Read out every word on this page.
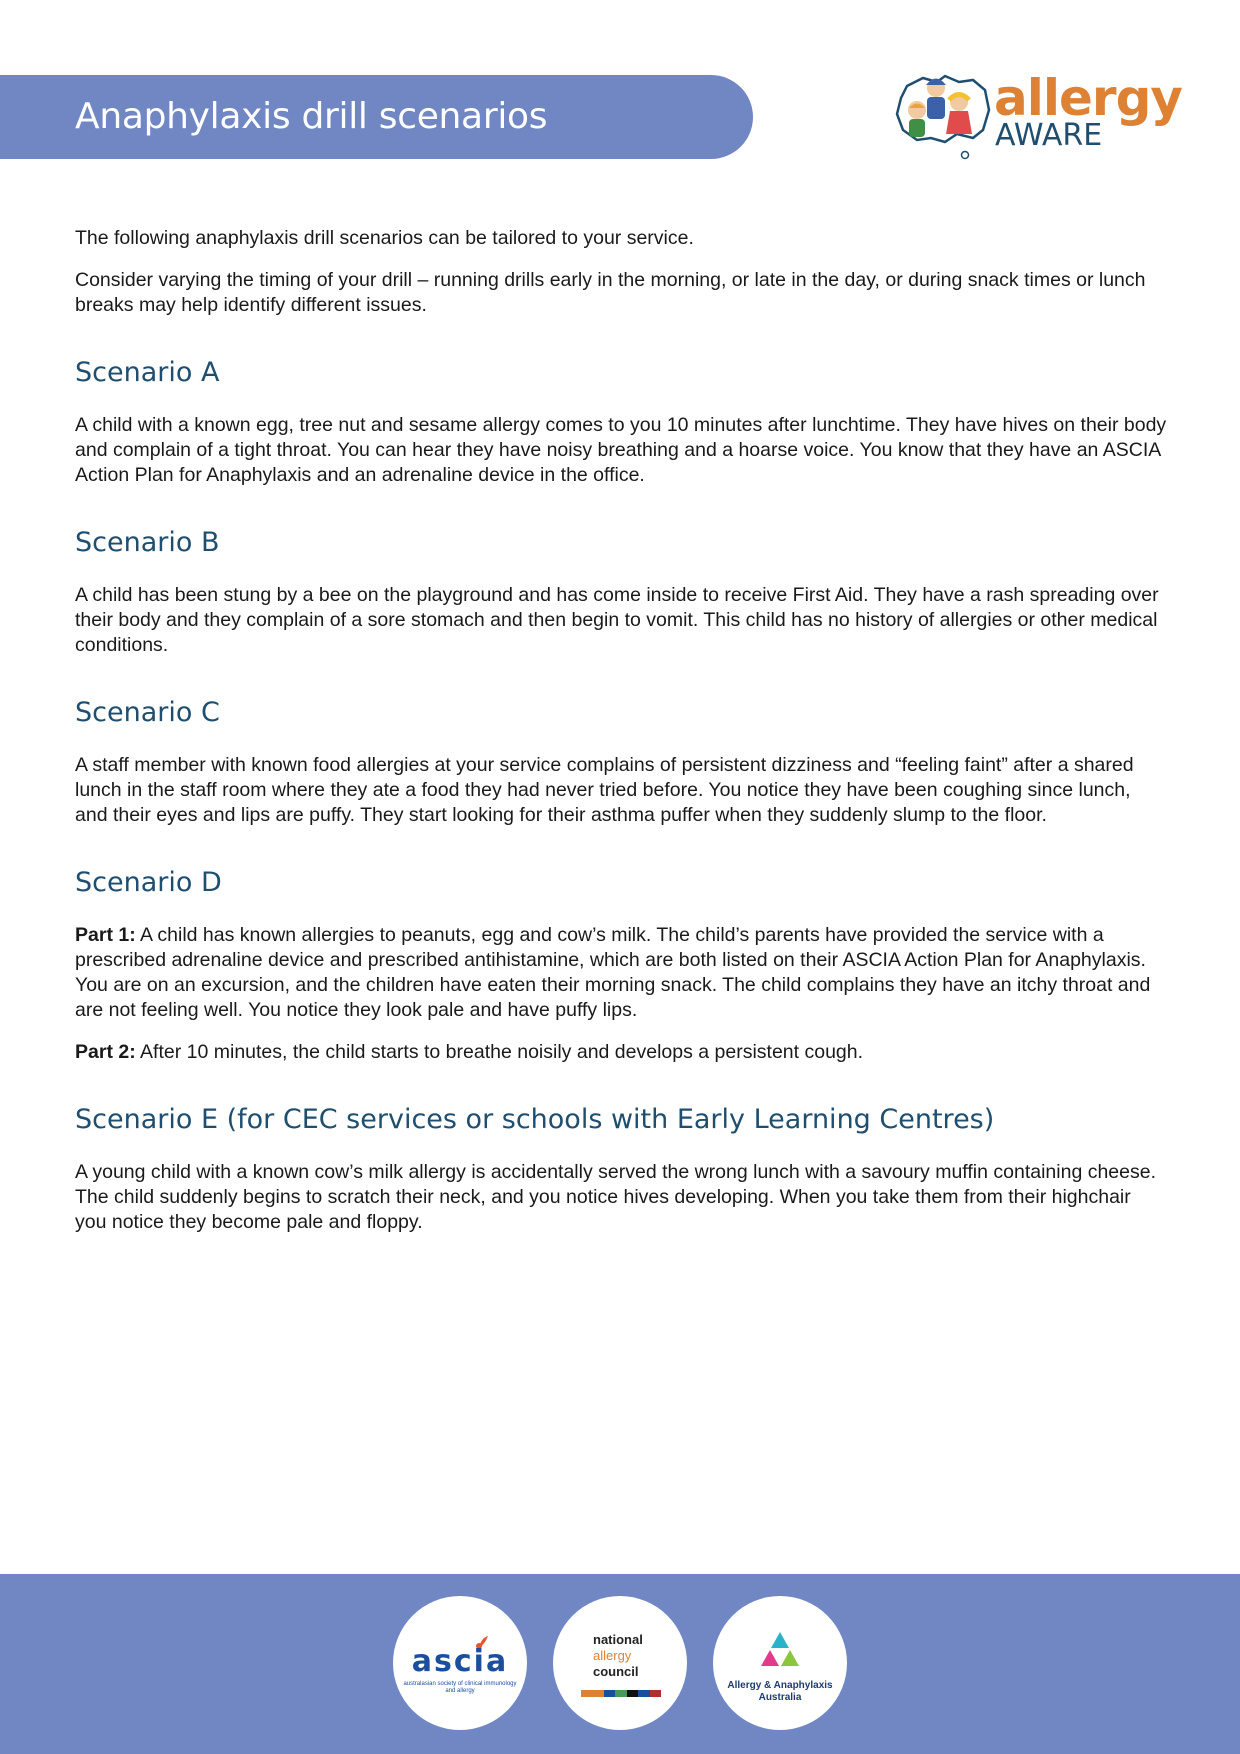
Anaphylaxis drill scenarios	allergy
AWARE

The following anaphylaxis drill scenarios can be tailored to your service.

Consider varying the timing of your drill – running drills early in the morning, or late in the day, or during snack times or lunch breaks may help identify different issues.

Scenario A

A child with a known egg, tree nut and sesame allergy comes to you 10 minutes after lunchtime. They have hives on their body and complain of a tight throat. You can hear they have noisy breathing and a hoarse voice. You know that they have an ASCIA Action Plan for Anaphylaxis and an adrenaline device in the office.

Scenario B

A child has been stung by a bee on the playground and has come inside to receive First Aid. They have a rash spreading over their body and they complain of a sore stomach and then begin to vomit. This child has no history of allergies or other medical conditions.

Scenario C

A staff member with known food allergies at your service complains of persistent dizziness and “feeling faint” after a shared lunch in the staff room where they ate a food they had never tried before. You notice they have been coughing since lunch, and their eyes and lips are puffy. They start looking for their asthma puffer when they suddenly slump to the floor.

Scenario D

Part 1: A child has known allergies to peanuts, egg and cow’s milk. The child’s parents have provided the service with a prescribed adrenaline device and prescribed antihistamine, which are both listed on their ASCIA Action Plan for Anaphylaxis. You are on an excursion, and the children have eaten their morning snack. The child complains they have an itchy throat and are not feeling well. You notice they look pale and have puffy lips.

Part 2: After 10 minutes, the child starts to breathe noisily and develops a persistent cough.

Scenario E (for CEC services or schools with Early Learning Centres)

A young child with a known cow’s milk allergy is accidentally served the wrong lunch with a savoury muffin containing cheese. The child suddenly begins to scratch their neck, and you notice hives developing. When you take them from their highchair you notice they become pale and floppy.

ascia
australasian society of clinical immunology and allergy
national
allergy
council
Allergy & Anaphylaxis
Australia
